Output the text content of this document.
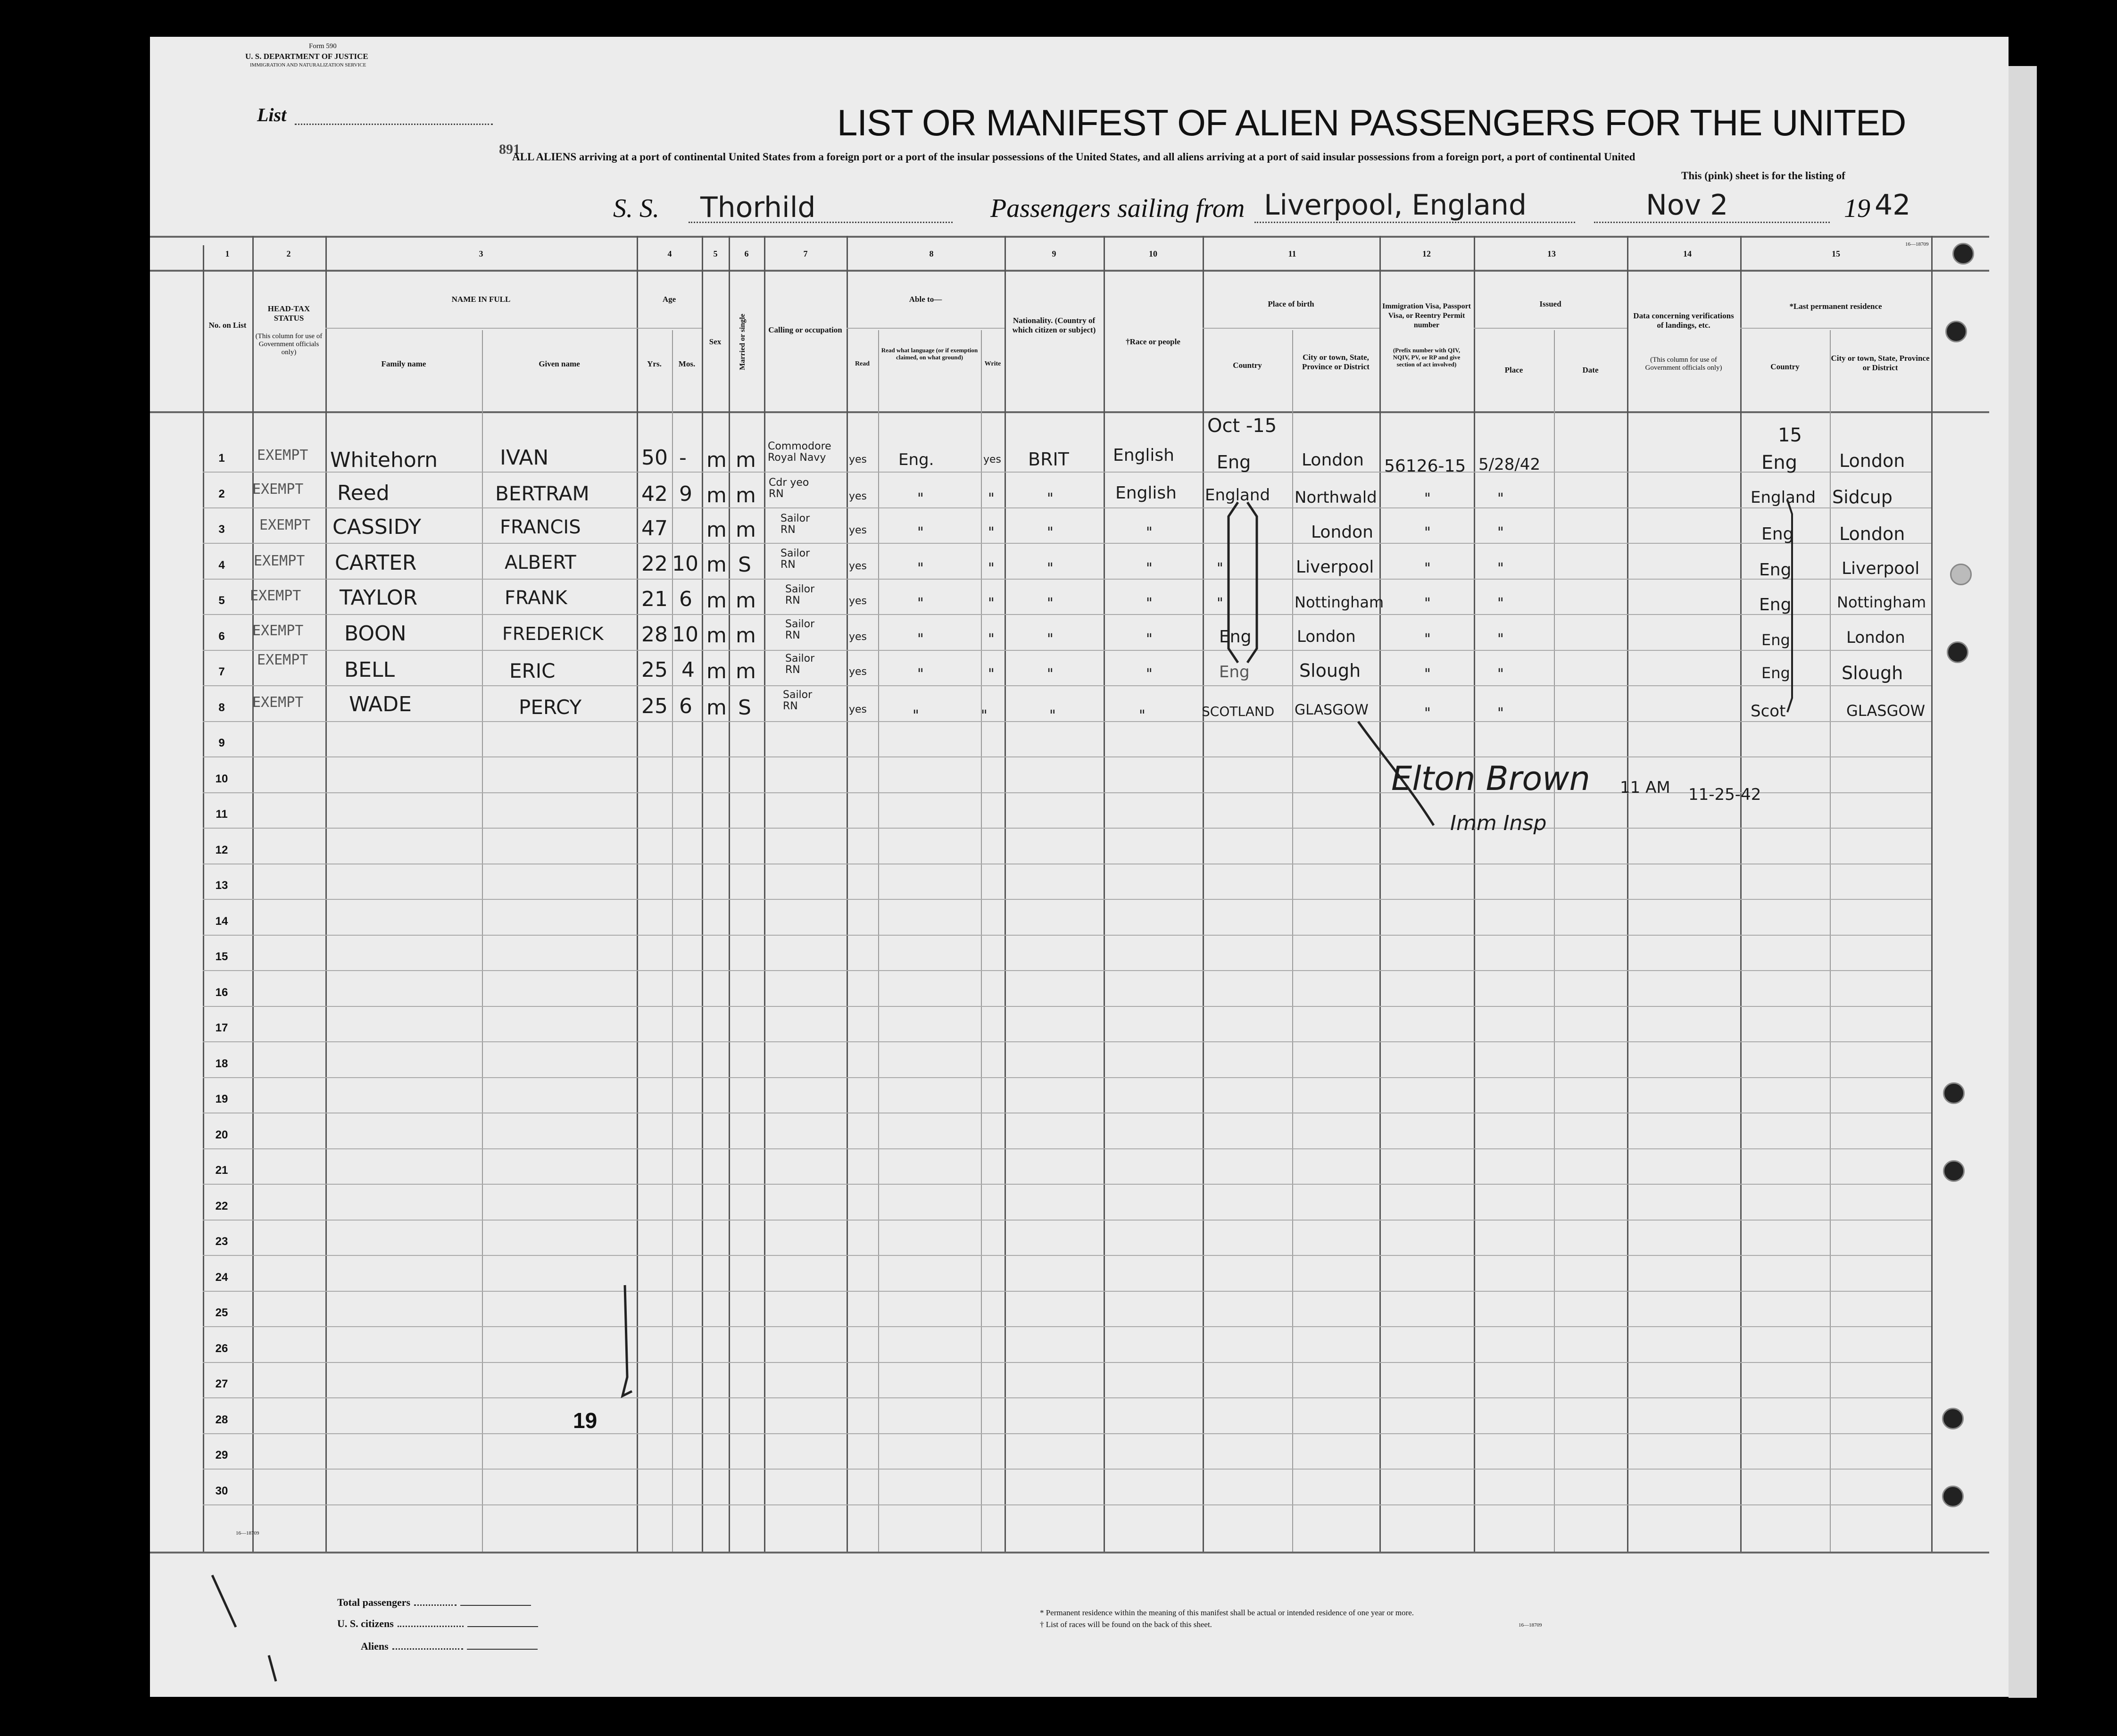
Form 590
U. S. DEPARTMENT OF JUSTICE
IMMIGRATION AND NATURALIZATION SERVICE
List	LIST OR MANIFEST OF ALIEN PASSENGERS FOR THE UNITED
891
ALL ALIENS arriving at a port of continental United States from a foreign port or a port of the insular possessions of the United States, and all aliens arriving at a port of said insular possessions from a foreign port, a port of continental United
This (pink) sheet is for the listing of
S. S. Thorhild	Passengers sailing from Liverpool, England	Nov 2	19 42
16—18709
1	2	3	4	5	6	7	8	9	10	11	12	13	14	15
No. on List
HEAD-TAX STATUS
(This column for use of Government officials only)
NAME IN FULL
Family name	Given name
Age
Yrs.	Mos.
Sex	Married or single	Calling or occupation
Able to—
Read
Read what language (or if exemption claimed, on what ground)
Write
Nationality. (Country of which citizen or subject)
†Race or people
Place of birth
Country
City or town, State, Province or District
Immigration Visa, Passport Visa, or Reentry Permit number
(Prefix number with QIV, NQIV, PV, or RP and give section of act involved)
Issued
Place	Date
Data concerning verifications of landings, etc.
(This column for use of Government officials only)
*Last permanent residence
Country
City or town, State, Province or District
1
2
3
4
5
6
7
8
9
10
11
12
13
14
15
16
17
18
19
20
21
22
23
24
25
26
27
28
29
30
EXEMPT Whitehorn	IVAN	50 - m m
Commodore Royal Navy	yes Eng.	yes BRIT	English Eng	London 56126-15 5/28/42	Eng London
EXEMPT Reed	BERTRAM	42 9 m m
Cdr yeo RN	yes	"	"	"	English England Northwald	"	"	England Sidcup
EXEMPT CASSIDY	FRANCIS	47 m m Sailor RN	yes	"	"	"	"	London	"	"	Eng	London
EXEMPT CARTER	ALBERT	22 10 m S	Sailor RN	yes	"	"	"	"	"	Liverpool	"	"	Eng	Liverpool
EXEMPT TAYLOR	FRANK	21 6 m m	Sailor RN	yes	"	"	"	"	"	Nottingham	"	"	Eng	Nottingham
EXEMPT BOON	FREDERICK 28 10 m m	Sailor RN	yes	"	"	"	"	Eng	London	"	"	Eng	London
EXEMPT BELL	ERIC	25 4 m m
Sailor RN	yes	"	"	"	"	Eng	Slough	"	"	Eng	Slough
EXEMPT WADE	PERCY	25 6 m S
Sailor RN	yes	"	"	"	"	SCOTLAND GLASGOW	"	"	Scot	GLASGOW
Oct -15	15
Elton Brown
Imm Insp
11 AM 11-25-42
19
16—18709
Total passengers
U. S. citizens
Aliens
* Permanent residence within the meaning of this manifest shall be actual or intended residence of one year or more.
† List of races will be found on the back of this sheet.	16—18709
